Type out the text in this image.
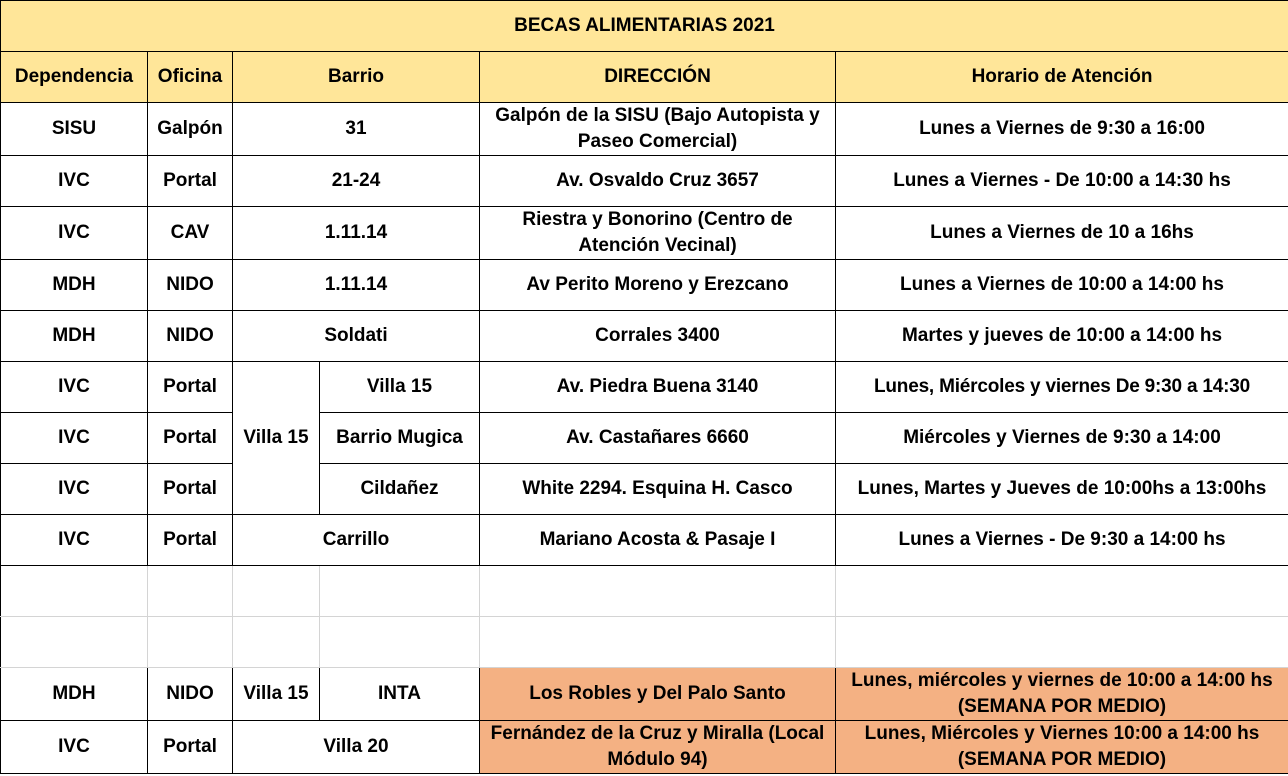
BECAS ALIMENTARIAS 2021					
Dependencia	Oficina	Barrio		DIRECCIÓN	Horario de Atención
SISU	Galpón	31		Galpón de la SISU (Bajo Autopista y Paseo Comercial)	Lunes a Viernes de 9:30 a 16:00
IVC	Portal	21-24		Av. Osvaldo Cruz 3657	Lunes a Viernes - De 10:00 a 14:30 hs
IVC	CAV	1.11.14		Riestra y Bonorino (Centro de Atención Vecinal)	Lunes a Viernes de 10 a 16hs
MDH	NIDO	1.11.14		Av Perito Moreno y Erezcano	Lunes a Viernes de 10:00 a 14:00 hs
MDH	NIDO	Soldati		Corrales 3400	Martes y jueves de 10:00 a 14:00 hs
IVC	Portal	Villa 15	Villa 15	Av. Piedra Buena 3140	Lunes, Miércoles y viernes De 9:30 a 14:30
IVC	Portal		Barrio Mugica	Av. Castañares 6660	Miércoles y Viernes de 9:30 a 14:00
IVC	Portal		Cildañez	White 2294. Esquina H. Casco	Lunes, Martes y Jueves de 10:00hs a 13:00hs
IVC	Portal	Carrillo		Mariano Acosta & Pasaje I	Lunes a Viernes - De 9:30 a 14:00 hs

MDH	NIDO	Villa 15	INTA	Los Robles y Del Palo Santo	Lunes, miércoles y viernes de 10:00 a 14:00 hs (SEMANA POR MEDIO)
IVC	Portal	Villa 20		Fernández de la Cruz y Miralla (Local Módulo 94)	Lunes, Miércoles y Viernes 10:00 a 14:00 hs (SEMANA POR MEDIO)
